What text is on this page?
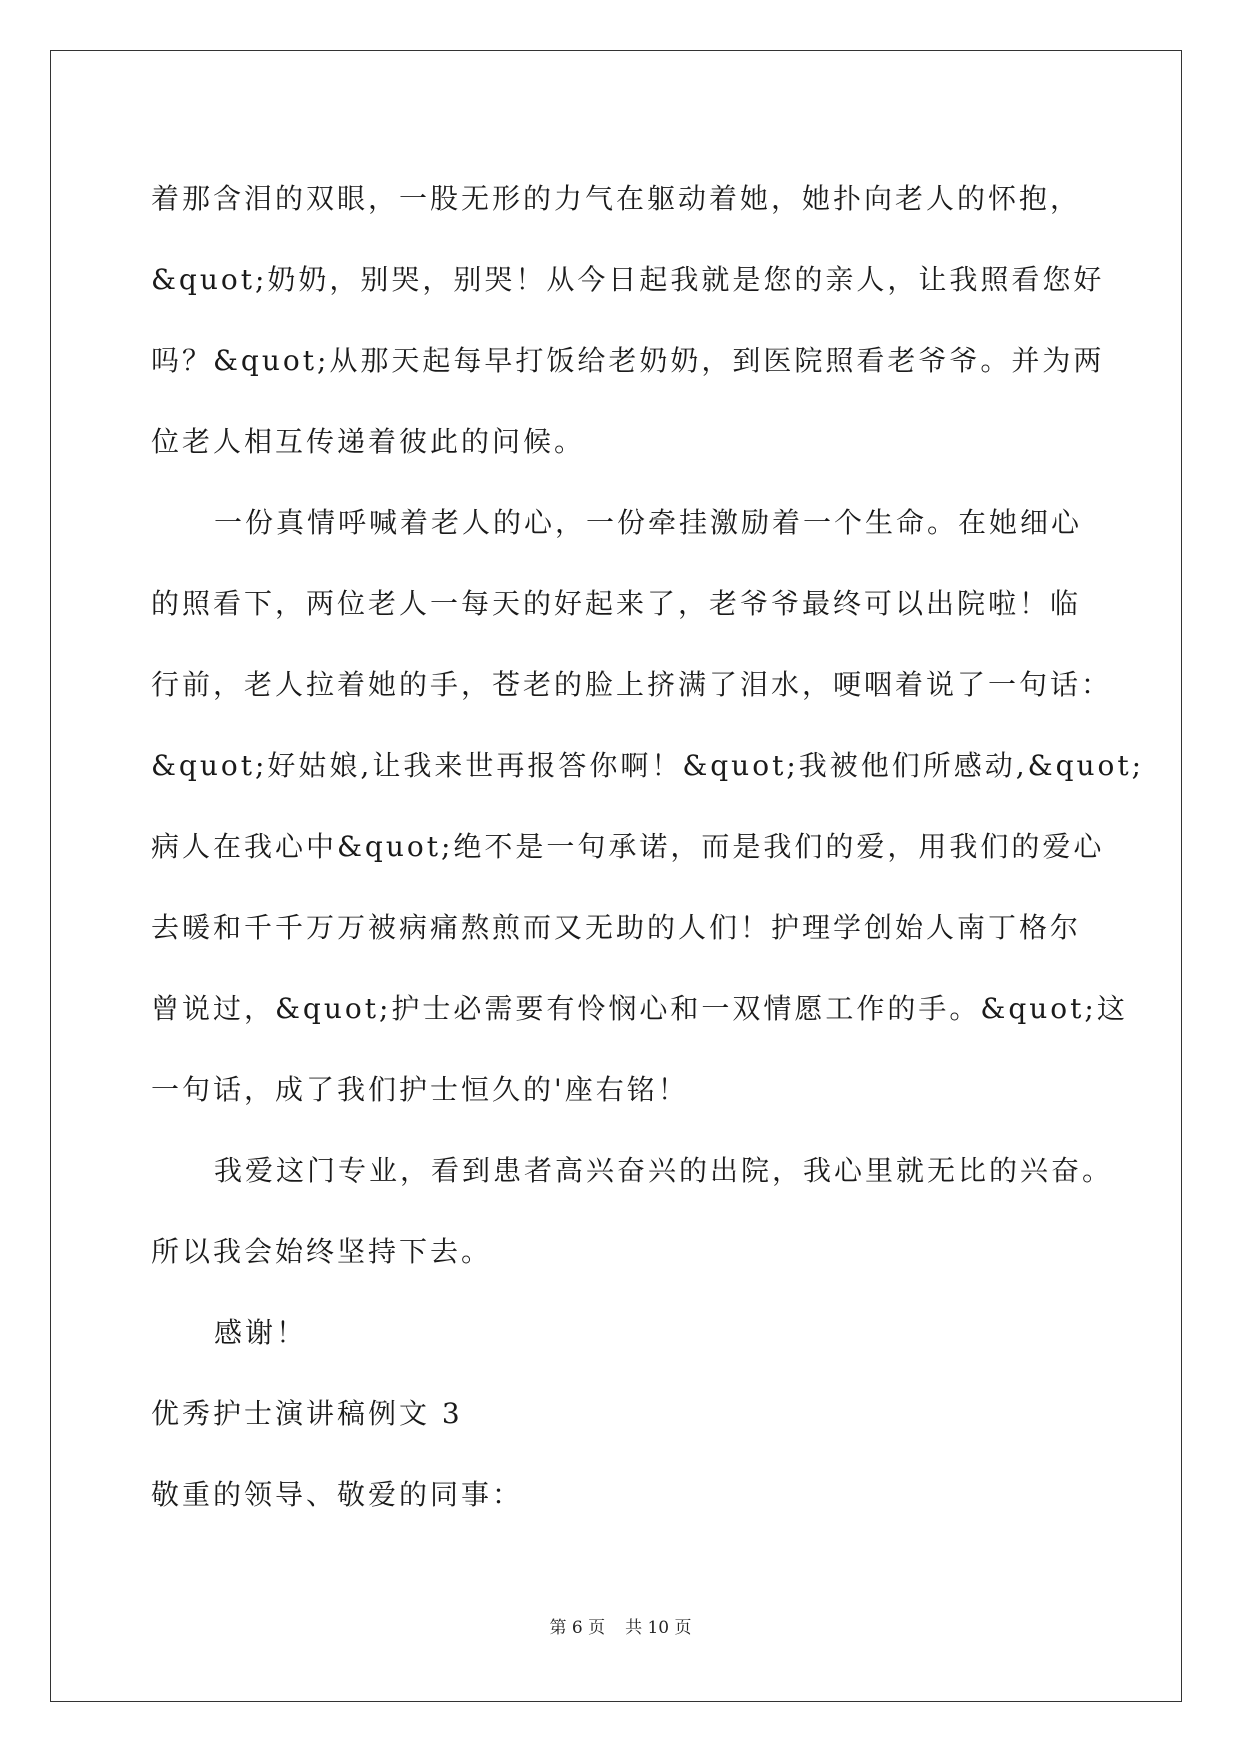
着那含泪的双眼，一股无形的力气在躯动着她，她扑向老人的怀抱，
&quot;奶奶，别哭，别哭！从今日起我就是您的亲人，让我照看您好
吗？&quot;从那天起每早打饭给老奶奶，到医院照看老爷爷。并为两
位老人相互传递着彼此的问候。
一份真情呼喊着老人的心，一份牵挂激励着一个生命。在她细心
的照看下，两位老人一每天的好起来了，老爷爷最终可以出院啦！临
行前，老人拉着她的手，苍老的脸上挤满了泪水，哽咽着说了一句话：
&quot;好姑娘,让我来世再报答你啊！&quot;我被他们所感动,&quot;
病人在我心中&quot;绝不是一句承诺，而是我们的爱，用我们的爱心
去暖和千千万万被病痛熬煎而又无助的人们！护理学创始人南丁格尔
曾说过，&quot;护士必需要有怜悯心和一双情愿工作的手。&quot;这
一句话，成了我们护士恒久的'座右铭！
我爱这门专业，看到患者高兴奋兴的出院，我心里就无比的兴奋。
所以我会始终坚持下去。
感谢！
优秀护士演讲稿例文 3
敬重的领导、敬爱的同事：
第 6 页 共 10 页
